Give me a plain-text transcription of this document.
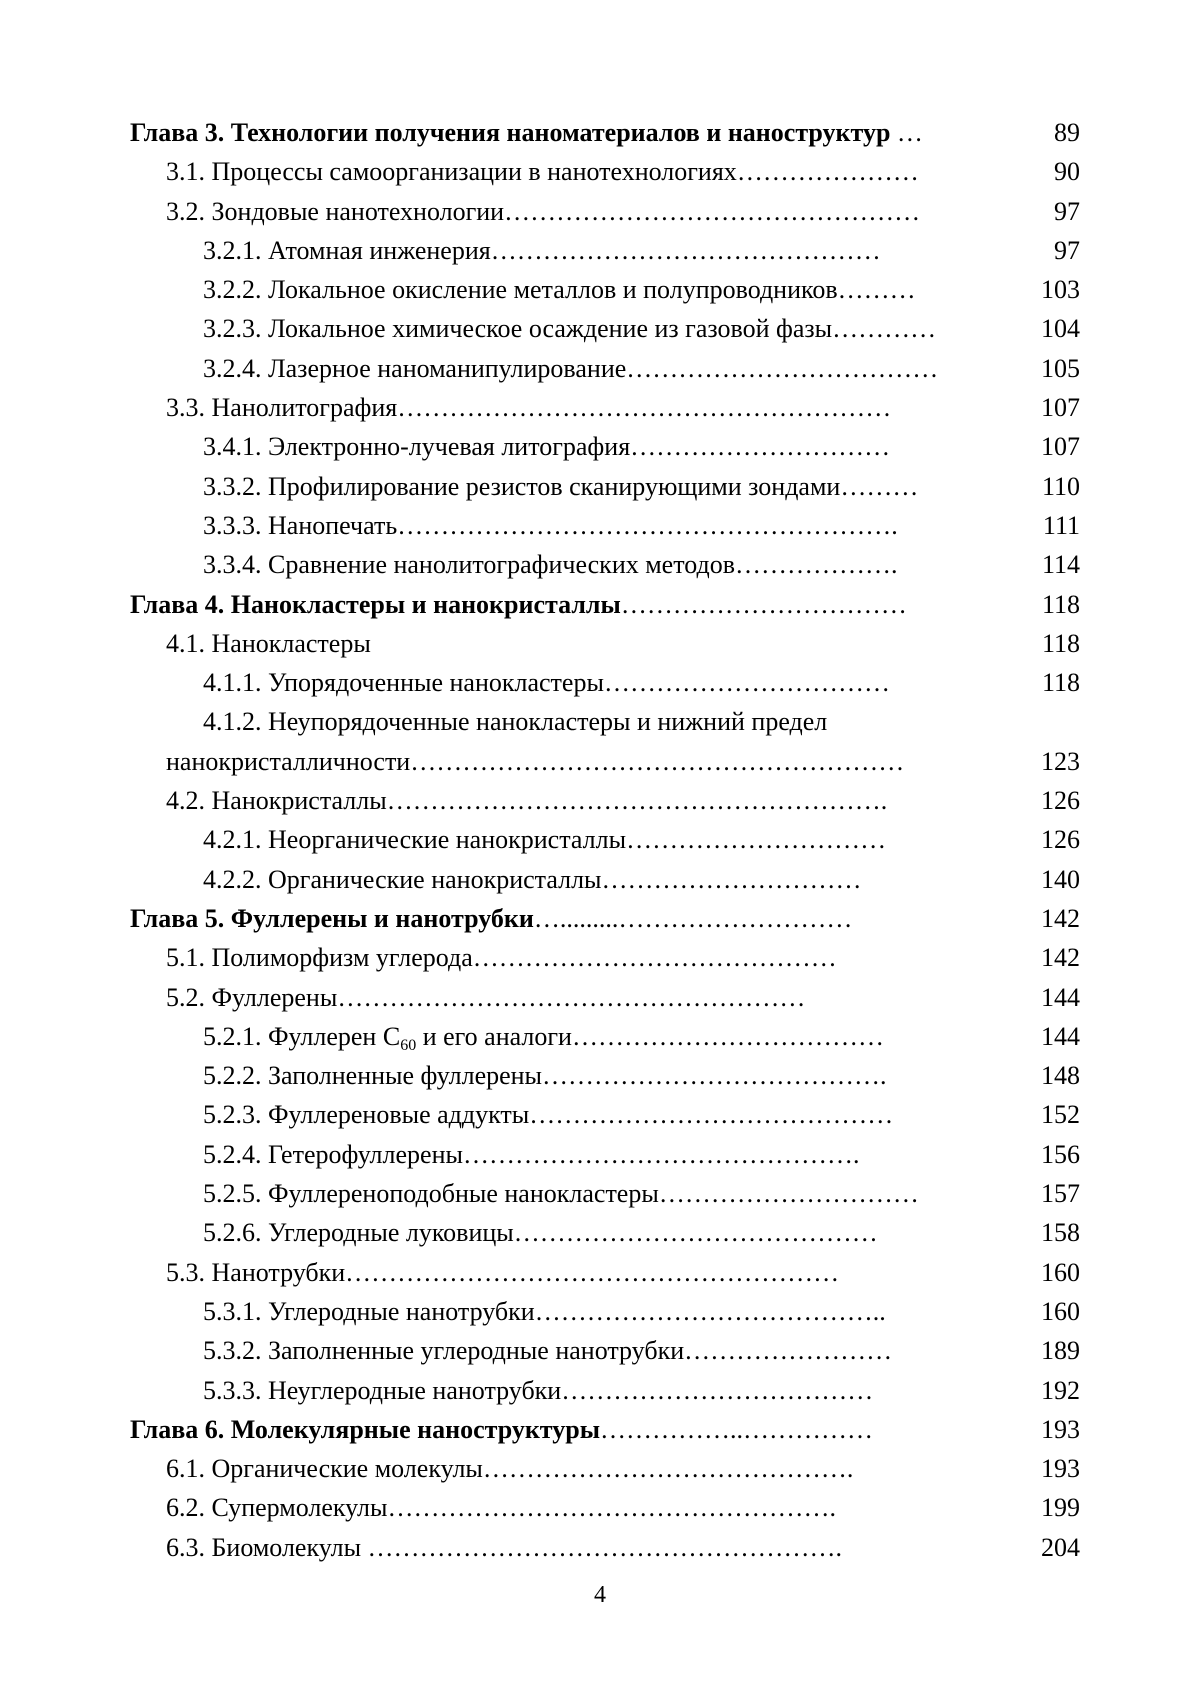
Глава 3. Технологии получения наноматериалов и наноструктур …	89
3.1. Процессы самоорганизации в нанотехнологиях…………………	90
3.2. Зондовые нанотехнологии…………………………………………	97
3.2.1. Атомная инженерия………………………………………	97
3.2.2. Локальное окисление металлов и полупроводников………	103
3.2.3. Локальное химическое осаждение из газовой фазы…………	104
3.2.4. Лазерное наноманипулирование………………………………	105
3.3. Нанолитография…………………………………………………	107
3.4.1. Электронно-лучевая литография…………………………	107
3.3.2. Профилирование резистов сканирующими зондами………	110
3.3.3. Нанопечать………………………………………………….	111
3.3.4. Сравнение нанолитографических методов……………….	114
Глава 4. Нанокластеры и нанокристаллы……………………………	118
4.1. Нанокластеры	118
4.1.1. Упорядоченные нанокластеры……………………………	118
4.1.2. Неупорядоченные нанокластеры и нижний предел
нанокристалличности…………………………………………………	123
4.2. Нанокристаллы………………………………………………….	126
4.2.1. Неорганические нанокристаллы…………………………	126
4.2.2. Органические нанокристаллы…………………………	140
Глава 5. Фуллерены и нанотрубки….........………………………	142
5.1. Полиморфизм углерода……………………………………	142
5.2. Фуллерены………………………………………………	144
5.2.1. Фуллерен $C_{60}$ и его аналоги………………………………	144
5.2.2. Заполненные фуллерены………………………………….	148
5.2.3. Фуллереновые аддукты……………………………………	152
5.2.4. Гетерофуллерены……………………………………….	156
5.2.5. Фуллереноподобные нанокластеры…………………………	157
5.2.6. Углеродные луковицы……………………………………	158
5.3. Нанотрубки…………………………………………………	160
5.3.1. Углеродные нанотрубки…………………………………..	160
5.3.2. Заполненные углеродные нанотрубки……………………	189
5.3.3. Неуглеродные нанотрубки………………………………	192
Глава 6. Молекулярные наноструктуры……………..……………	193
6.1. Органические молекулы…………………………………….	193
6.2. Супермолекулы…………………………………………….	199
6.3. Биомолекулы ……………………………………………….	204
4
